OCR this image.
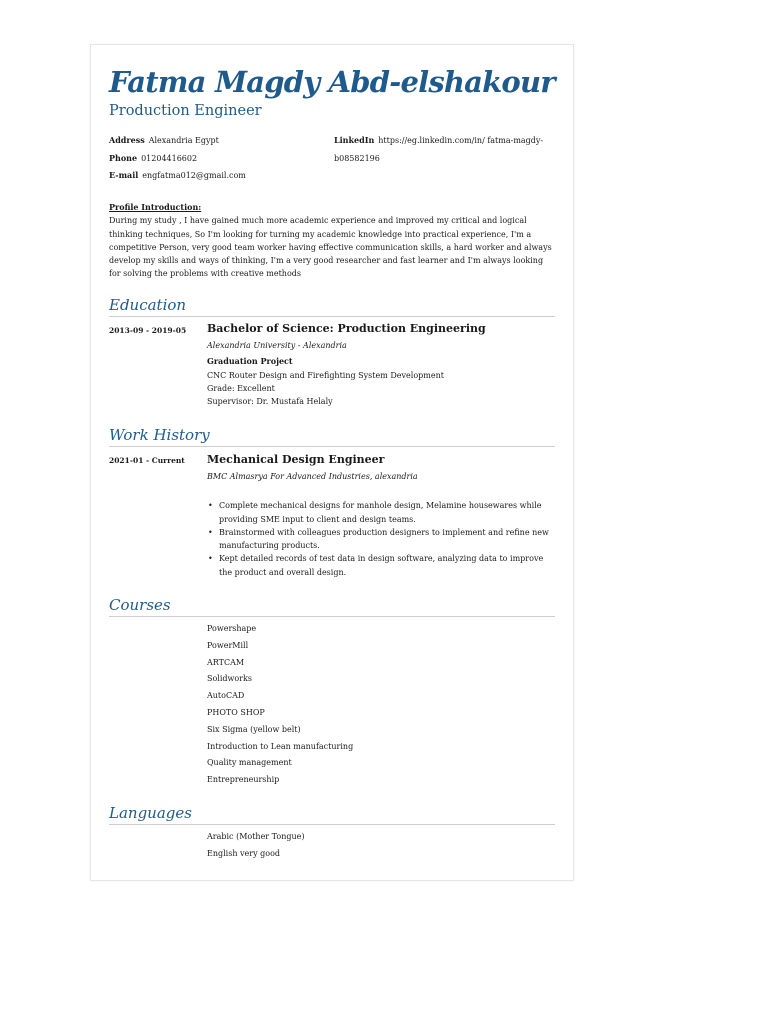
Fatma Magdy Abd-elshakour
Production Engineer
Address Alexandria Egypt
Phone 01204416602
E-mail engfatma012@gmail.com
LinkedIn https://eg.linkedin.com/in/ fatma-magdy-b08582196
Profile Introduction:
During my study , I have gained much more academic experience and improved my critical and logical thinking techniques, So I'm looking for turning my academic knowledge into practical experience, I'm a competitive Person, very good team worker having effective communication skills, a hard worker and always develop my skills and ways of thinking, I'm a very good researcher and fast learner and I'm always looking for solving the problems with creative methods
Education
2013-09 - 2019-05 Bachelor of Science: Production Engineering
Alexandria University - Alexandria
Graduation Project
CNC Router Design and Firefighting System Development
Grade: Excellent
Supervisor: Dr. Mustafa Helaly
Work History
2021-01 - Current Mechanical Design Engineer
BMC Almasrya For Advanced Industries, alexandria
• Complete mechanical designs for manhole design, Melamine housewares while providing SME input to client and design teams.
• Brainstormed with colleagues production designers to implement and refine new manufacturing products.
• Kept detailed records of test data in design software, analyzing data to improve the product and overall design.
Courses
Powershape
PowerMill
ARTCAM
Solidworks
AutoCAD
PHOTO SHOP
Six Sigma (yellow belt)
Introduction to Lean manufacturing
Quality management
Entrepreneurship
Languages
Arabic (Mother Tongue)
English very good
